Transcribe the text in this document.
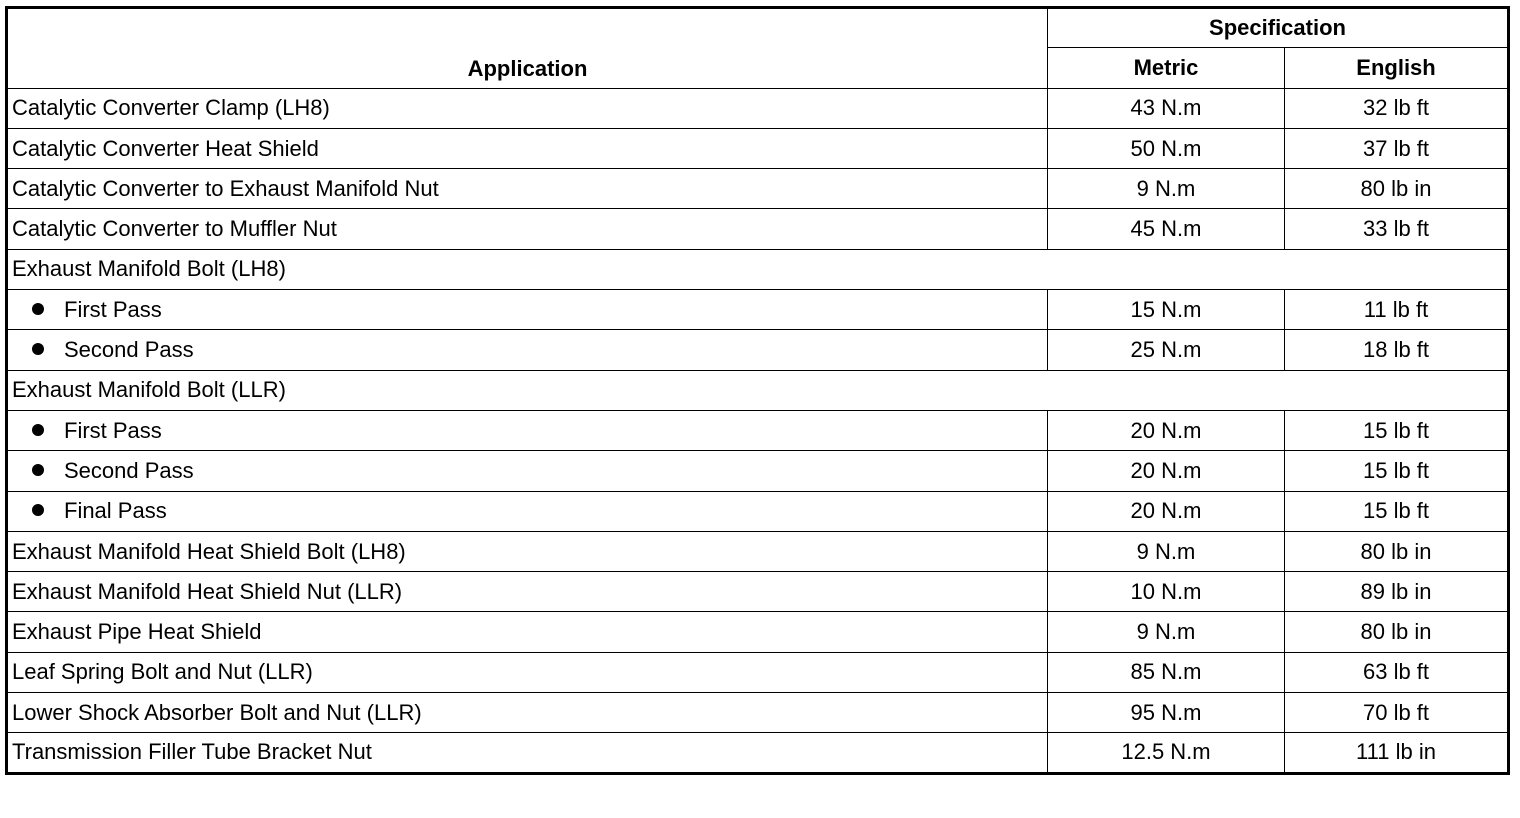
Application	Specification	
	Metric	English
Catalytic Converter Clamp (LH8)	43 N.m	32 lb ft
Catalytic Converter Heat Shield	50 N.m	37 lb ft
Catalytic Converter to Exhaust Manifold Nut	9 N.m	80 lb in
Catalytic Converter to Muffler Nut	45 N.m	33 lb ft
Exhaust Manifold Bolt (LH8)		
First Pass	15 N.m	11 lb ft
Second Pass	25 N.m	18 lb ft
Exhaust Manifold Bolt (LLR)		
First Pass	20 N.m	15 lb ft
Second Pass	20 N.m	15 lb ft
Final Pass	20 N.m	15 lb ft
Exhaust Manifold Heat Shield Bolt (LH8)	9 N.m	80 lb in
Exhaust Manifold Heat Shield Nut (LLR)	10 N.m	89 lb in
Exhaust Pipe Heat Shield	9 N.m	80 lb in
Leaf Spring Bolt and Nut (LLR)	85 N.m	63 lb ft
Lower Shock Absorber Bolt and Nut (LLR)	95 N.m	70 lb ft
Transmission Filler Tube Bracket Nut	12.5 N.m	111 lb in
